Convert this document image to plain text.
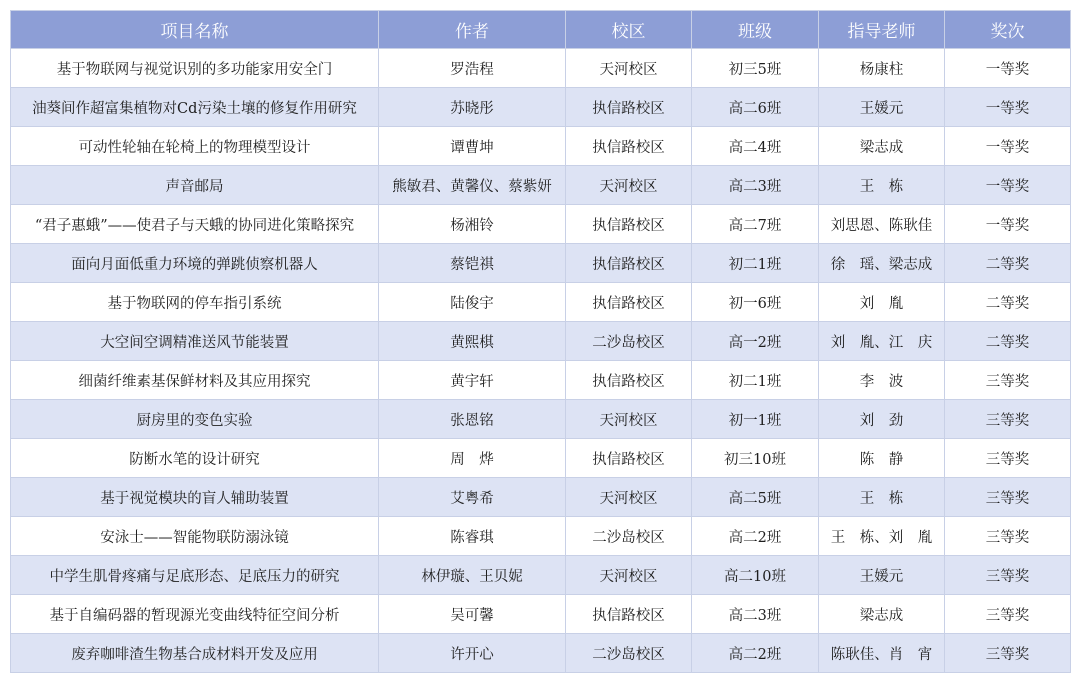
项目名称	作者	校区	班级	指导老师	奖次
基于物联网与视觉识别的多功能家用安全门	罗浩程	天河校区	初三5班	杨康柱	一等奖
油葵间作超富集植物对Cd污染土壤的修复作用研究	苏晓彤	执信路校区	高二6班	王媛元	一等奖
可动性轮轴在轮椅上的物理模型设计	谭曹坤	执信路校区	高二4班	梁志成	一等奖
声音邮局	熊敏君、黄馨仪、蔡紫妍	天河校区	高二3班	王　栋	一等奖
“君子惠蛾”——使君子与天蛾的协同进化策略探究	杨湘铃	执信路校区	高二7班	刘思恩、陈耿佳	一等奖
面向月面低重力环境的弹跳侦察机器人	蔡铠祺	执信路校区	初二1班	徐　瑶、梁志成	二等奖
基于物联网的停车指引系统	陆俊宇	执信路校区	初一6班	刘　胤	二等奖
大空间空调精准送风节能装置	黄熙棋	二沙岛校区	高一2班	刘　胤、江　庆	二等奖
细菌纤维素基保鲜材料及其应用探究	黄宇轩	执信路校区	初二1班	李　波	三等奖
厨房里的变色实验	张恩铭	天河校区	初一1班	刘　劲	三等奖
防断水笔的设计研究	周　烨	执信路校区	初三10班	陈　静	三等奖
基于视觉模块的盲人辅助装置	艾粤希	天河校区	高二5班	王　栋	三等奖
安泳士——智能物联防溺泳镜	陈睿琪	二沙岛校区	高二2班	王　栋、刘　胤	三等奖
中学生肌骨疼痛与足底形态、足底压力的研究	林伊璇、王贝妮	天河校区	高二10班	王媛元	三等奖
基于自编码器的暂现源光变曲线特征空间分析	吴可馨	执信路校区	高二3班	梁志成	三等奖
废弃咖啡渣生物基合成材料开发及应用	许开心	二沙岛校区	高二2班	陈耿佳、肖　宵	三等奖
